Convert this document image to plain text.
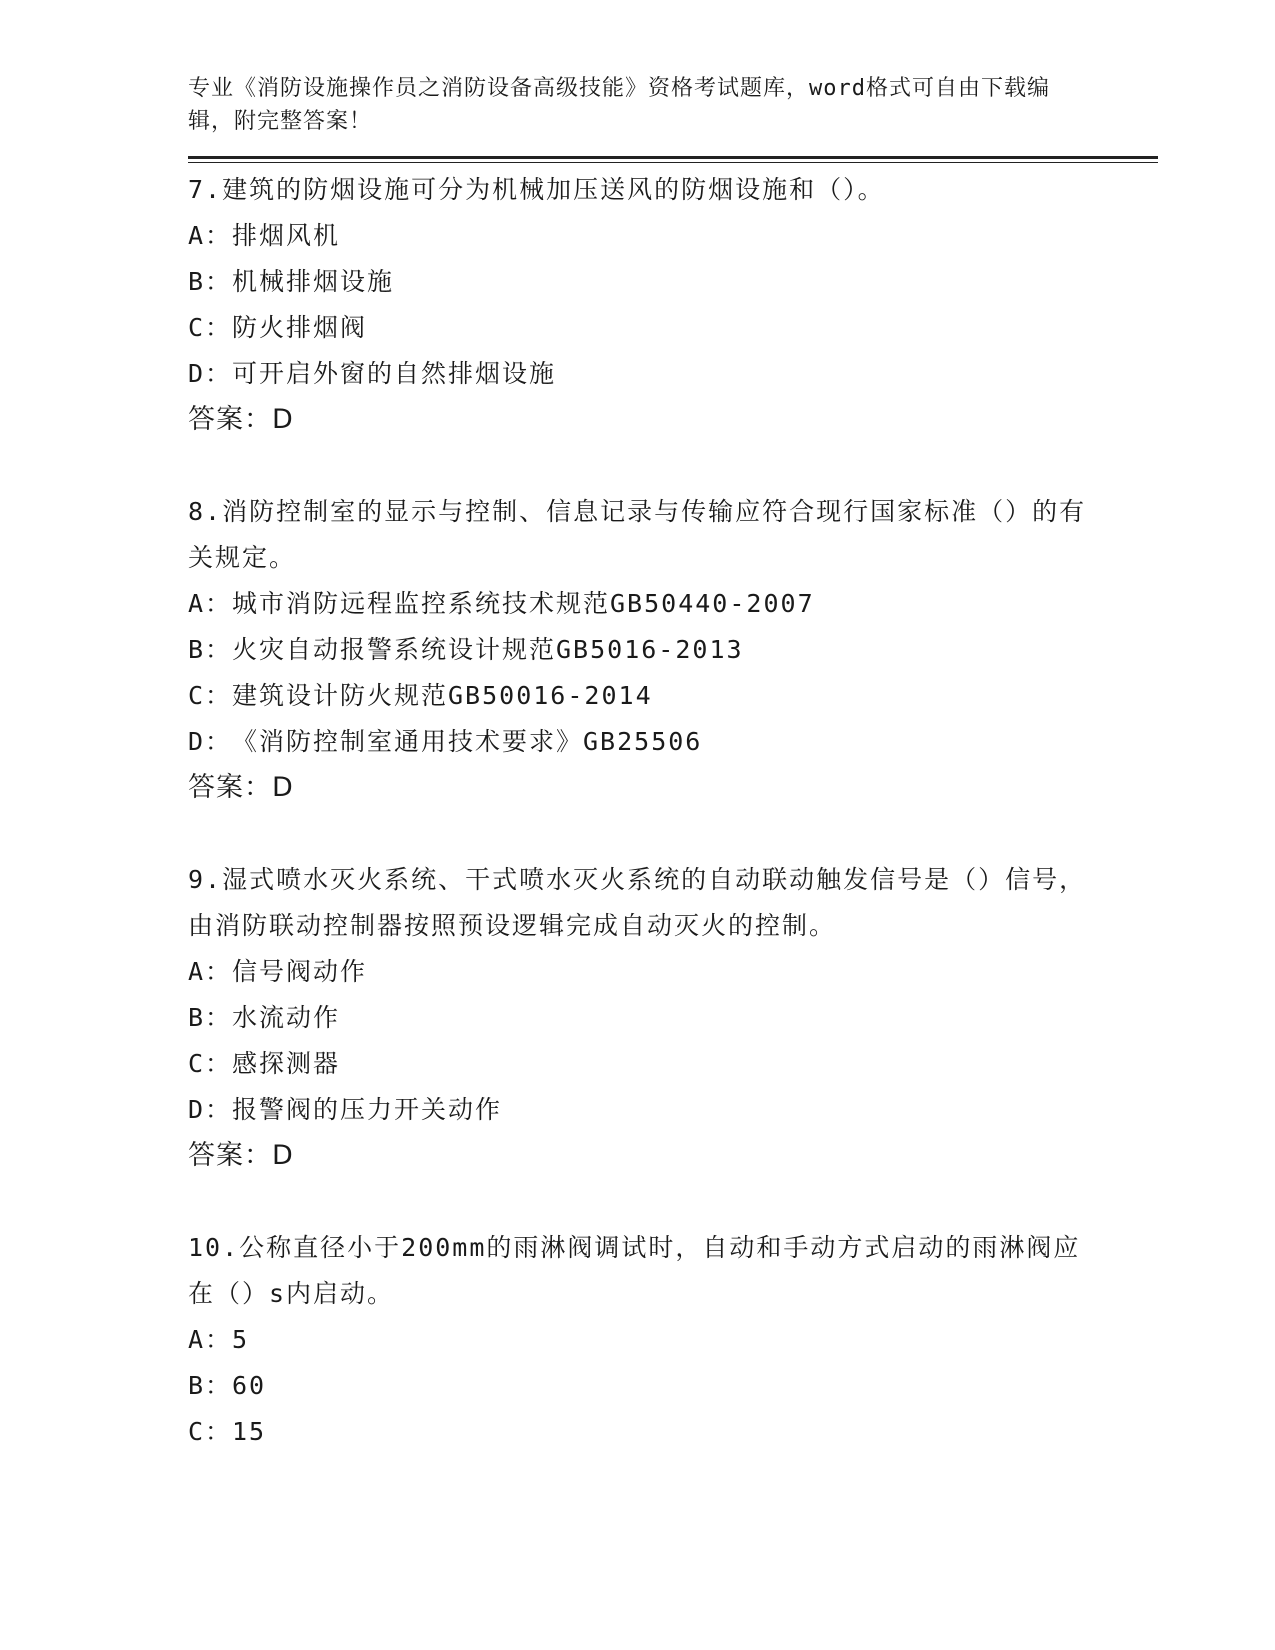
专业《消防设施操作员之消防设备高级技能》资格考试题库，word格式可自由下载编辑，附完整答案！
7.建筑的防烟设施可分为机械加压送风的防烟设施和（）。
A：排烟风机
B：机械排烟设施
C：防火排烟阀
D：可开启外窗的自然排烟设施
答案：D
8.消防控制室的显示与控制、信息记录与传输应符合现行国家标准（）的有关规定。
A：城市消防远程监控系统技术规范GB50440-2007
B：火灾自动报警系统设计规范GB5016-2013
C：建筑设计防火规范GB50016-2014
D：《消防控制室通用技术要求》GB25506
答案：D
9.湿式喷水灭火系统、干式喷水灭火系统的自动联动触发信号是（）信号，由消防联动控制器按照预设逻辑完成自动灭火的控制。
A：信号阀动作
B：水流动作
C：感探测器
D：报警阀的压力开关动作
答案：D
10.公称直径小于200mm的雨淋阀调试时，自动和手动方式启动的雨淋阀应在（）s内启动。
A：5
B：60
C：15
